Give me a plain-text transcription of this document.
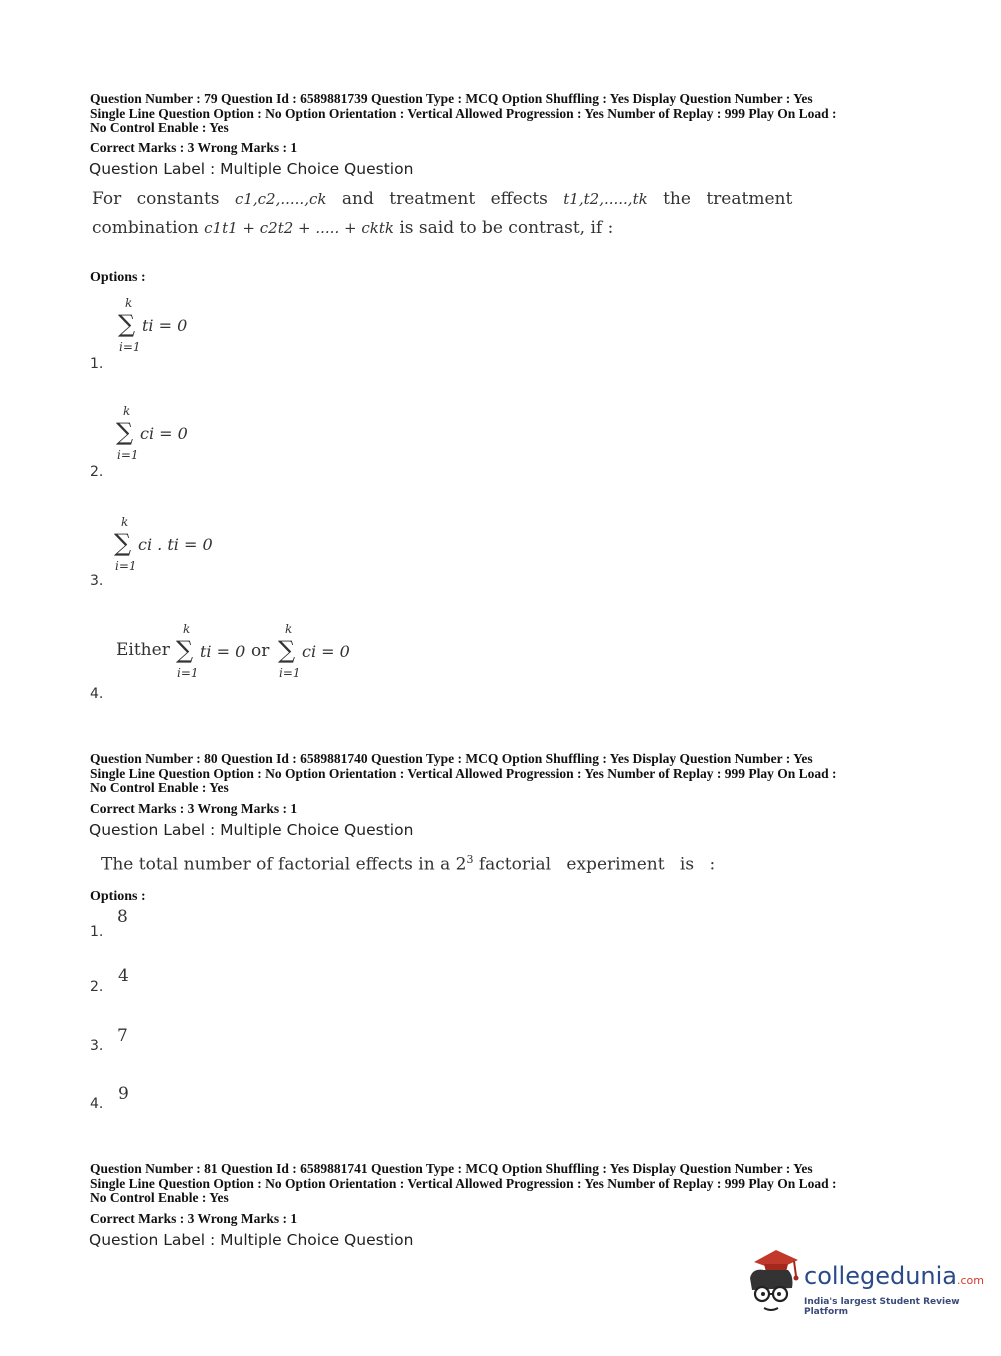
Question Number : 79 Question Id : 6589881739 Question Type : MCQ Option Shuffling : Yes Display Question Number : Yes
Single Line Question Option : No Option Orientation : Vertical Allowed Progression : Yes Number of Replay : 999 Play On Load :
No Control Enable : Yes
Correct Marks : 3 Wrong Marks : 1
Question Label : Multiple Choice Question
For constants c1,c2,.....,ck and treatment effects t1,t2,.....,tk the treatment
combination c1t1 + c2t2 + ..... + cktk is said to be contrast, if :
Options :
k
∑
i=1
ti = 0
1.
k
∑
i=1
ci = 0
2.
k
∑
i=1
ci . ti = 0
3.
Either
k
∑
i=1
ti = 0 or
k
∑
i=1
ci = 0
4.
Question Number : 80 Question Id : 6589881740 Question Type : MCQ Option Shuffling : Yes Display Question Number : Yes
Single Line Question Option : No Option Orientation : Vertical Allowed Progression : Yes Number of Replay : 999 Play On Load :
No Control Enable : Yes
Correct Marks : 3 Wrong Marks : 1
Question Label : Multiple Choice Question
The total number of factorial effects in a $2^3$ factorial experiment is :
Options :
8
1.
4
2.
7
3.
9
4.
Question Number : 81 Question Id : 6589881741 Question Type : MCQ Option Shuffling : Yes Display Question Number : Yes
Single Line Question Option : No Option Orientation : Vertical Allowed Progression : Yes Number of Replay : 999 Play On Load :
No Control Enable : Yes
Correct Marks : 3 Wrong Marks : 1
Question Label : Multiple Choice Question
collegedunia.com
India's largest Student Review Platform
